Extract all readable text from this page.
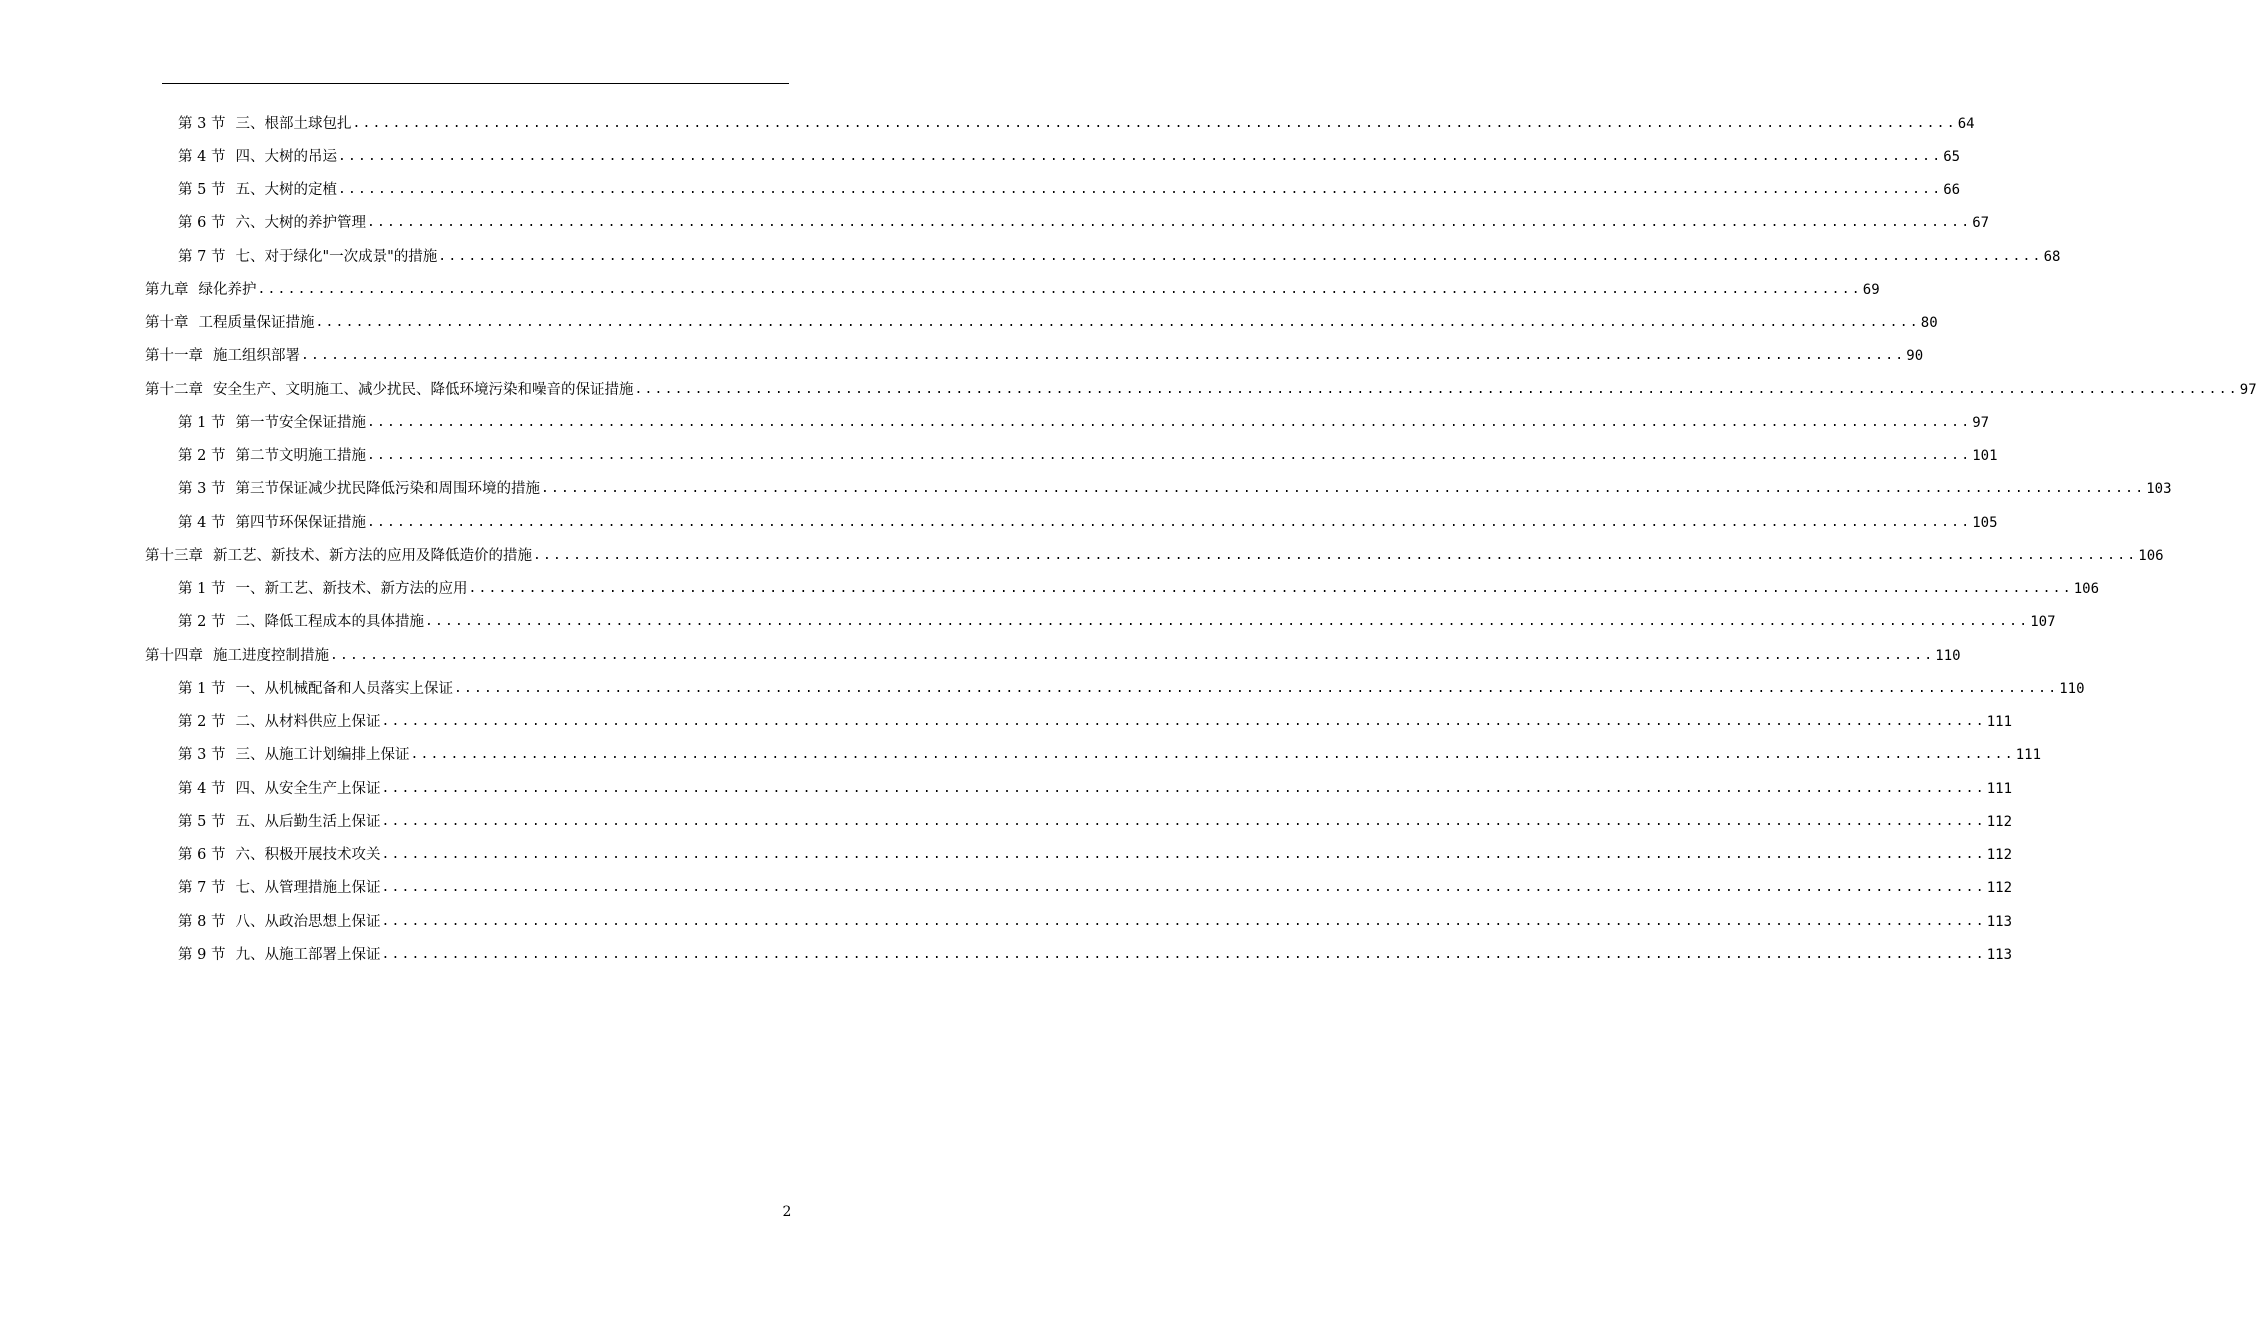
第 3 节 三、根部土球包扎 ................................................................................................................................................................ 64
第 4 节 四、大树的吊运 ................................................................................................................................................................ 65
第 5 节 五、大树的定植 ................................................................................................................................................................ 66
第 6 节 六、大树的养护管理 ................................................................................................................................................................ 67
第 7 节 七、对于绿化"一次成景"的措施 ................................................................................................................................................................ 68
第九章 绿化养护 ................................................................................................................................................................ 69
第十章 工程质量保证措施 ................................................................................................................................................................ 80
第十一章 施工组织部署 ................................................................................................................................................................ 90
第十二章 安全生产、文明施工、减少扰民、降低环境污染和噪音的保证措施 ................................................................................................................................................................ 97
第 1 节 第一节安全保证措施 ................................................................................................................................................................ 97
第 2 节 第二节文明施工措施 ................................................................................................................................................................ 101
第 3 节 第三节保证减少扰民降低污染和周围环境的措施 ................................................................................................................................................................ 103
第 4 节 第四节环保保证措施 ................................................................................................................................................................ 105
第十三章 新工艺、新技术、新方法的应用及降低造价的措施 ................................................................................................................................................................ 106
第 1 节 一、新工艺、新技术、新方法的应用 ................................................................................................................................................................ 106
第 2 节 二、降低工程成本的具体措施 ................................................................................................................................................................ 107
第十四章 施工进度控制措施 ................................................................................................................................................................ 110
第 1 节 一、从机械配备和人员落实上保证 ................................................................................................................................................................ 110
第 2 节 二、从材料供应上保证 ................................................................................................................................................................ 111
第 3 节 三、从施工计划编排上保证 ................................................................................................................................................................ 111
第 4 节 四、从安全生产上保证 ................................................................................................................................................................ 111
第 5 节 五、从后勤生活上保证 ................................................................................................................................................................ 112
第 6 节 六、积极开展技术攻关 ................................................................................................................................................................ 112
第 7 节 七、从管理措施上保证 ................................................................................................................................................................ 112
第 8 节 八、从政治思想上保证 ................................................................................................................................................................ 113
第 9 节 九、从施工部署上保证 ................................................................................................................................................................ 113
2
